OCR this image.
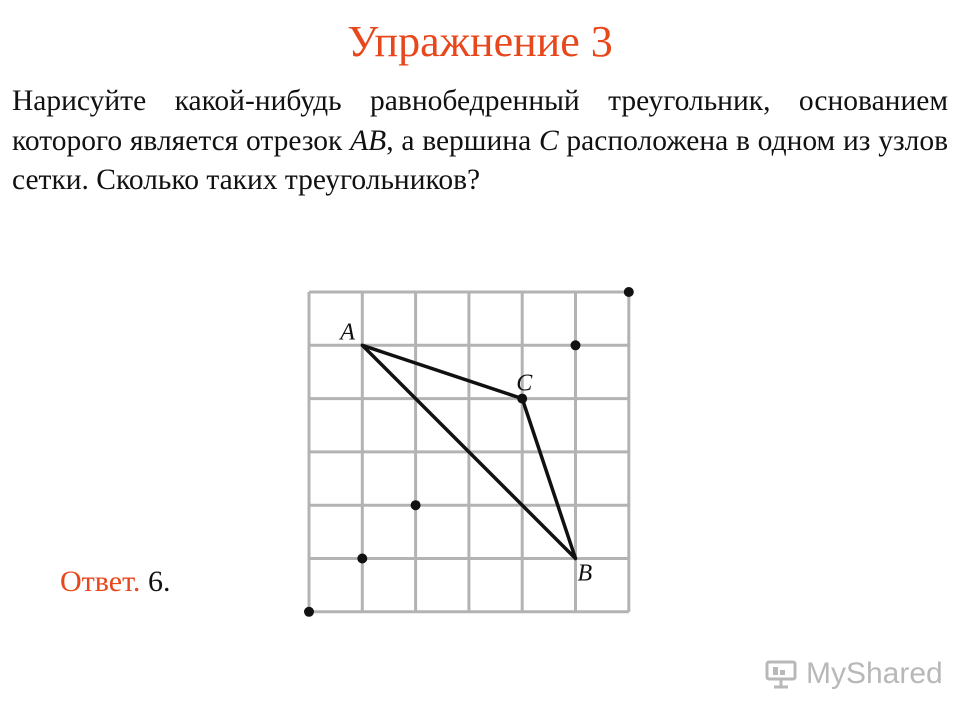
Упражнение 3

Нарисуйте какой-нибудь равнобедренный треугольник, основанием которого является отрезок AB, а вершина C расположена в одном из узлов сетки. Сколько таких треугольников?

A
B
C
Ответ. 6.
MyShared
